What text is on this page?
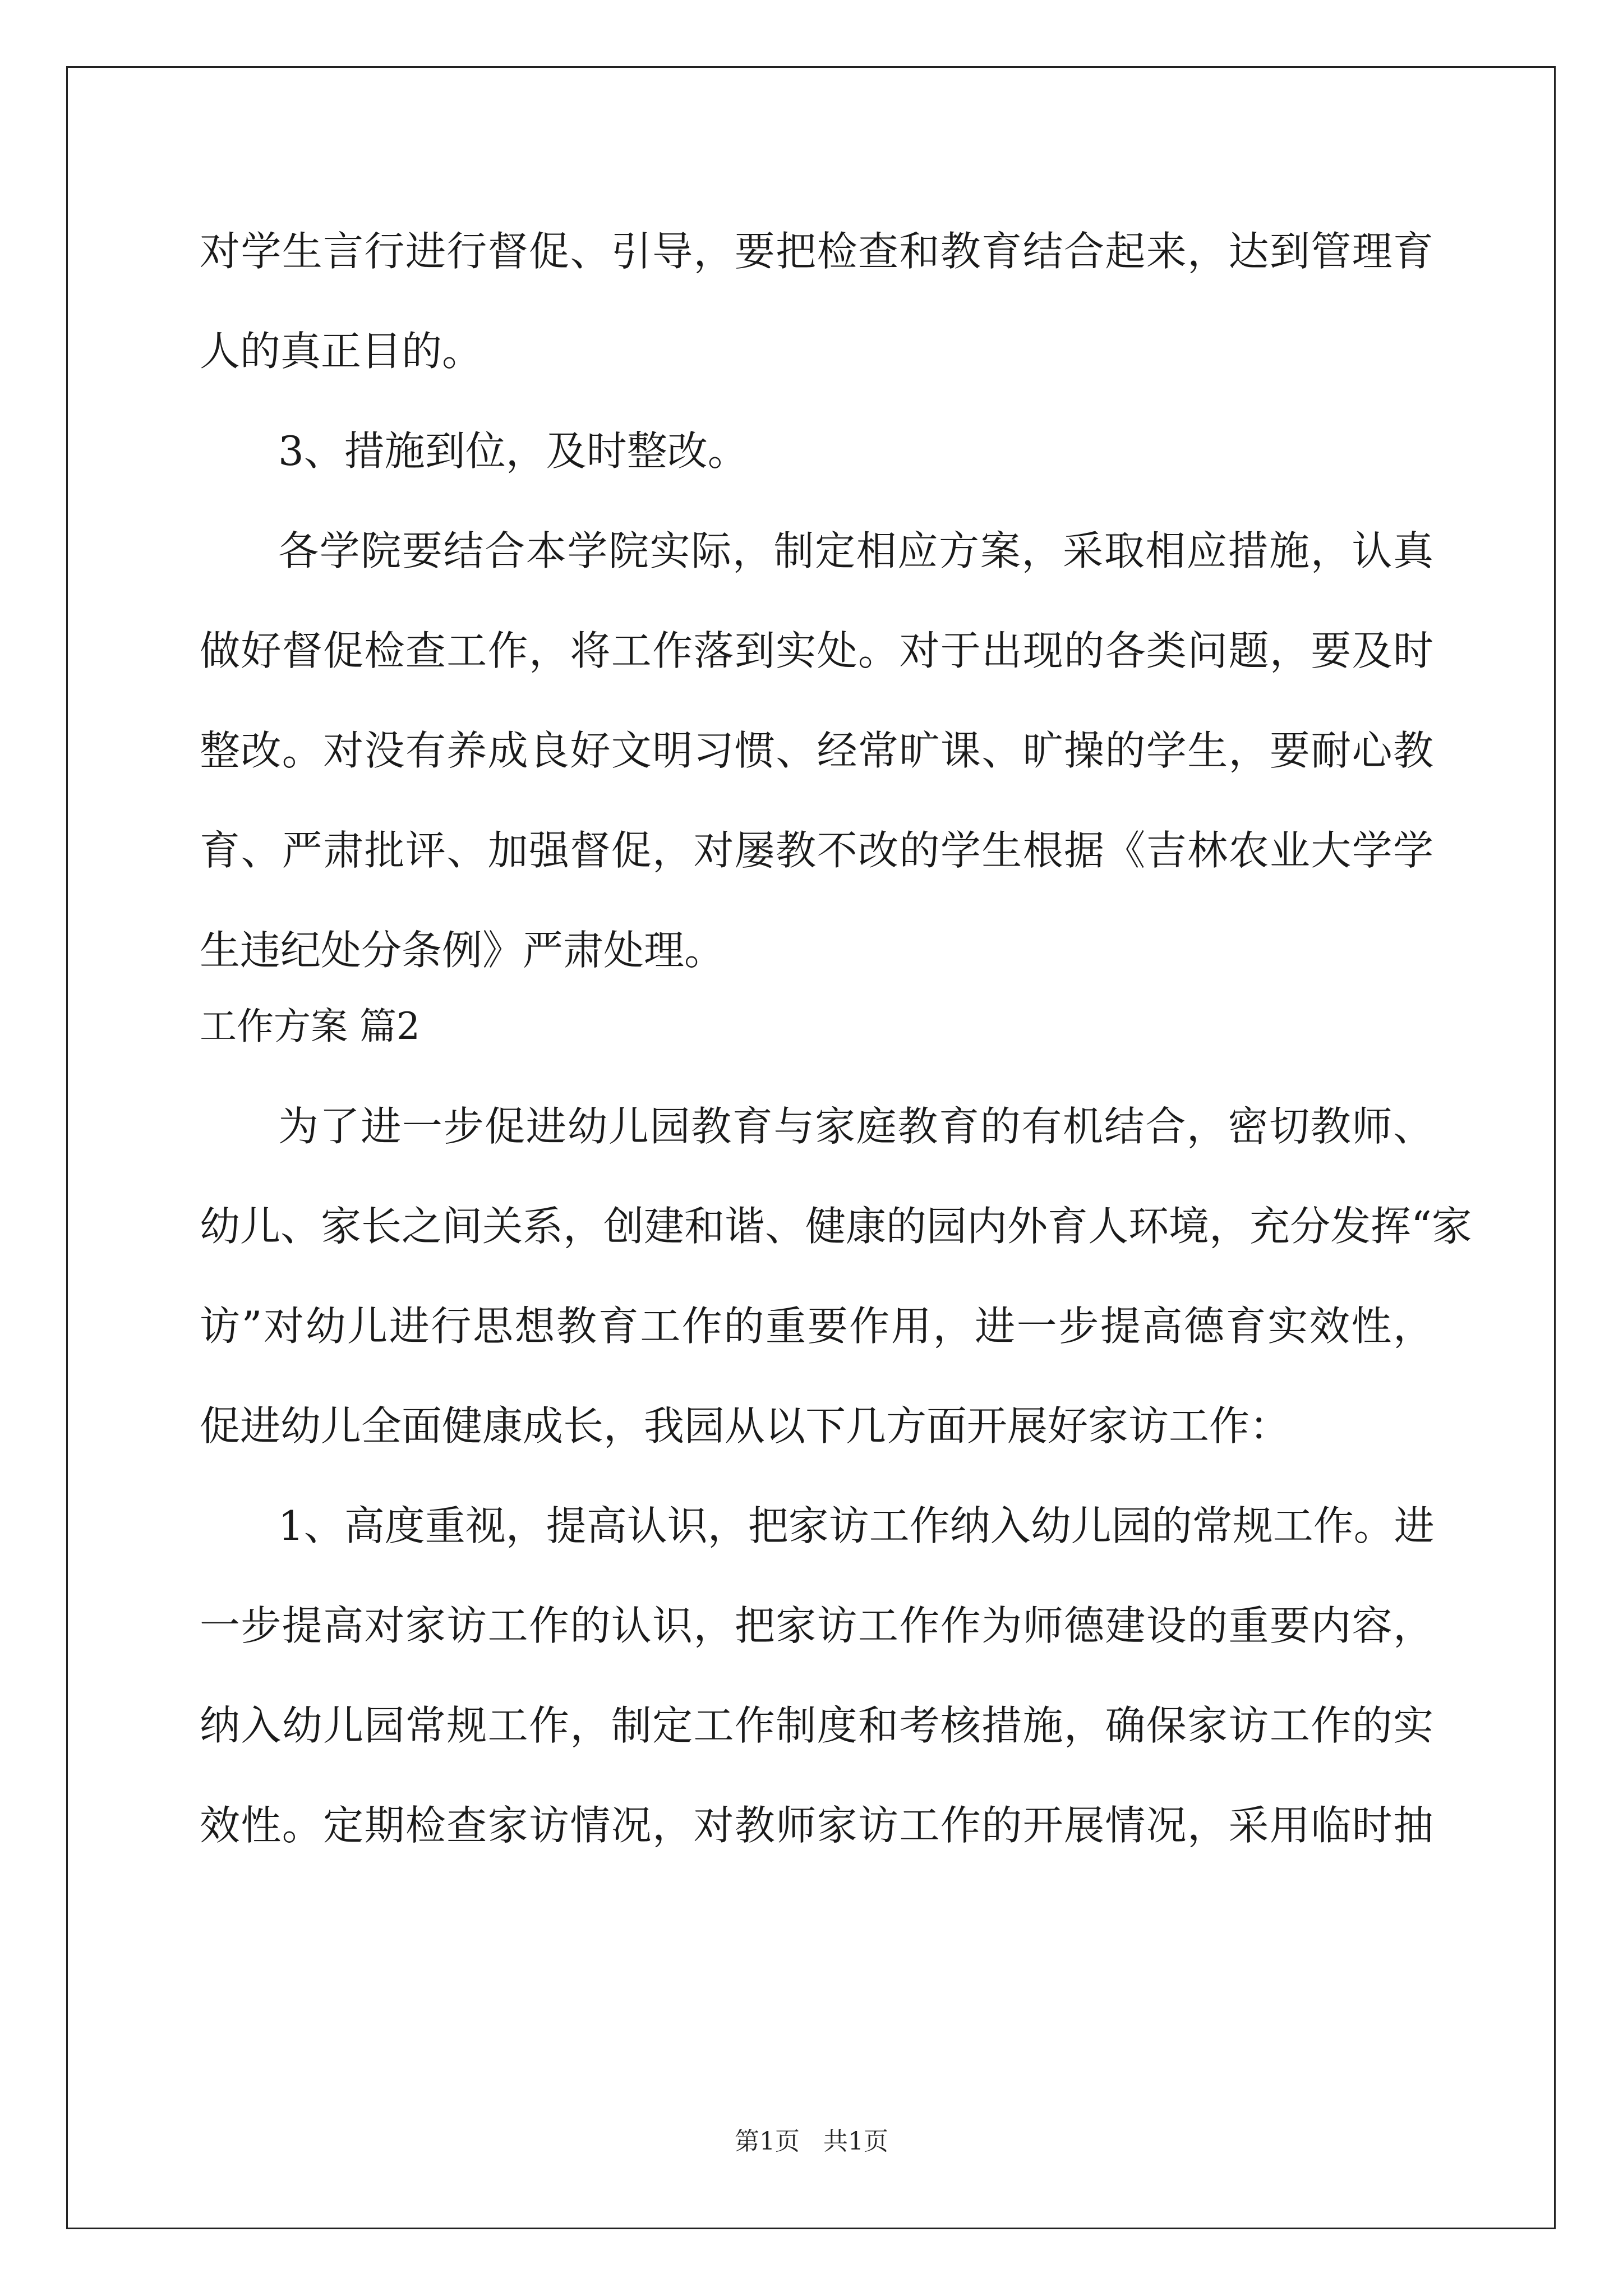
对学生言行进行督促、引导，要把检查和教育结合起来，达到管理育
人的真正目的。
3、措施到位，及时整改。
各学院要结合本学院实际，制定相应方案，采取相应措施，认真
做好督促检查工作，将工作落到实处。对于出现的各类问题，要及时
整改。对没有养成良好文明习惯、经常旷课、旷操的学生，要耐心教
育、严肃批评、加强督促，对屡教不改的学生根据《吉林农业大学学
生违纪处分条例》严肃处理。
工作方案 篇2
为了进一步促进幼儿园教育与家庭教育的有机结合，密切教师、
幼儿、家长之间关系，创建和谐、健康的园内外育人环境，充分发挥“家
访”对幼儿进行思想教育工作的重要作用，进一步提高德育实效性，
促进幼儿全面健康成长，我园从以下几方面开展好家访工作：
1、高度重视，提高认识，把家访工作纳入幼儿园的常规工作。进
一步提高对家访工作的认识，把家访工作作为师德建设的重要内容，
纳入幼儿园常规工作，制定工作制度和考核措施，确保家访工作的实
效性。定期检查家访情况，对教师家访工作的开展情况，采用临时抽
第1页 共1页
